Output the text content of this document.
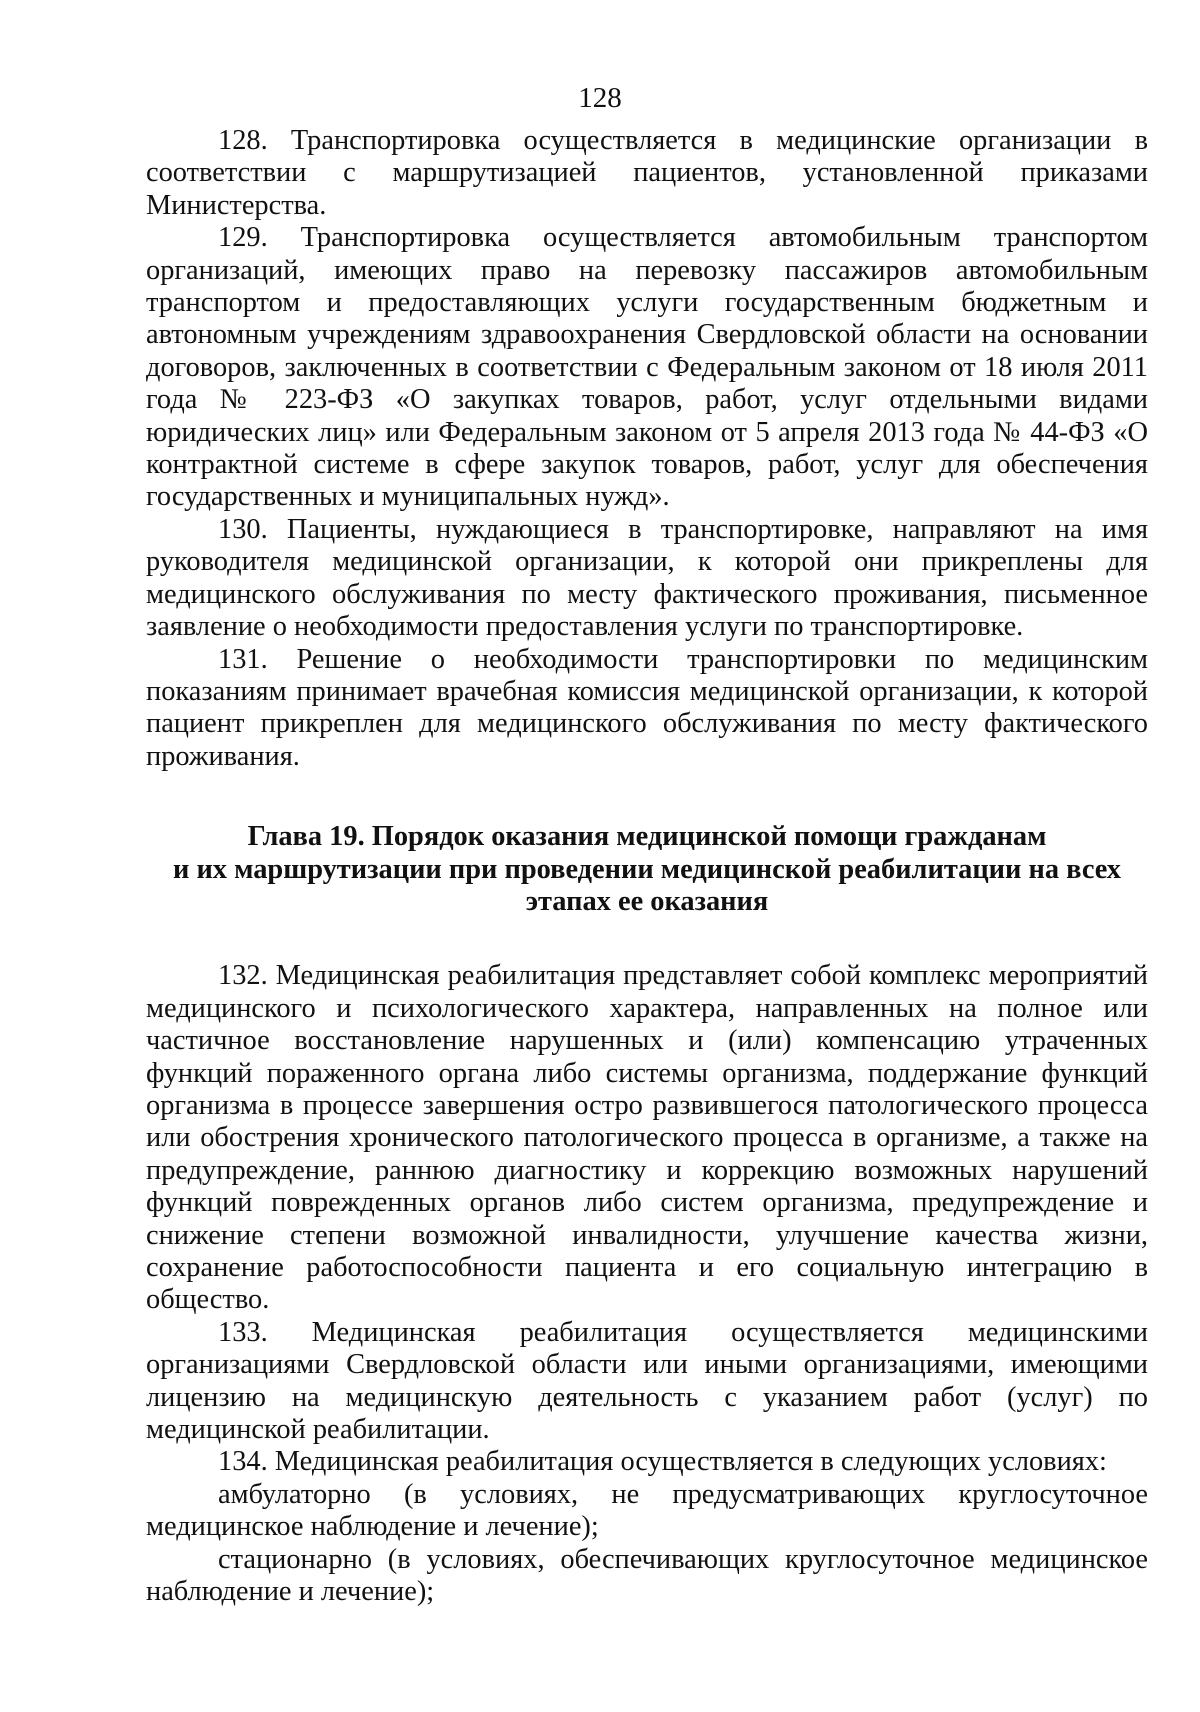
128

128. Транспортировка осуществляется в медицинские организации в соответствии с маршрутизацией пациентов, установленной приказами Министерства.

129. Транспортировка осуществляется автомобильным транспортом организаций, имеющих право на перевозку пассажиров автомобильным транспортом и предоставляющих услуги государственным бюджетным и автономным учреждениям здравоохранения Свердловской области на основании договоров, заключенных в соответствии с Федеральным законом от 18 июля 2011 года № 223-ФЗ «О закупках товаров, работ, услуг отдельными видами юридических лиц» или Федеральным законом от 5 апреля 2013 года № 44-ФЗ «О контрактной системе в сфере закупок товаров, работ, услуг для обеспечения государственных и муниципальных нужд».

130. Пациенты, нуждающиеся в транспортировке, направляют на имя руководителя медицинской организации, к которой они прикреплены для медицинского обслуживания по месту фактического проживания, письменное заявление о необходимости предоставления услуги по транспортировке.

131. Решение о необходимости транспортировки по медицинским показаниям принимает врачебная комиссия медицинской организации, к которой пациент прикреплен для медицинского обслуживания по месту фактического проживания.

Глава 19. Порядок оказания медицинской помощи гражданам
и их маршрутизации при проведении медицинской реабилитации на всех
этапах ее оказания

132. Медицинская реабилитация представляет собой комплекс мероприятий медицинского и психологического характера, направленных на полное или частичное восстановление нарушенных и (или) компенсацию утраченных функций пораженного органа либо системы организма, поддержание функций организма в процессе завершения остро развившегося патологического процесса или обострения хронического патологического процесса в организме, а также на предупреждение, раннюю диагностику и коррекцию возможных нарушений функций поврежденных органов либо систем организма, предупреждение и снижение степени возможной инвалидности, улучшение качества жизни, сохранение работоспособности пациента и его социальную интеграцию в общество.

133. Медицинская реабилитация осуществляется медицинскими организациями Свердловской области или иными организациями, имеющими лицензию на медицинскую деятельность с указанием работ (услуг) по медицинской реабилитации.

134. Медицинская реабилитация осуществляется в следующих условиях:

амбулаторно (в условиях, не предусматривающих круглосуточное медицинское наблюдение и лечение);

стационарно (в условиях, обеспечивающих круглосуточное медицинское наблюдение и лечение);
